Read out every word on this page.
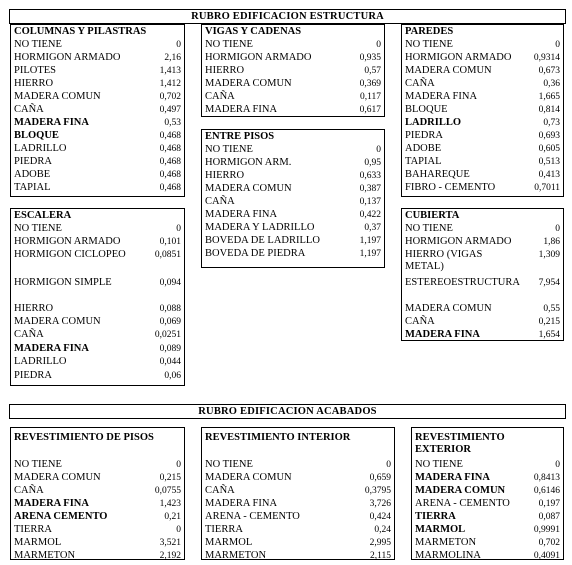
RUBRO EDIFICACION ESTRUCTURA
RUBRO EDIFICACION ACABADOS
COLUMNAS Y PILASTRAS
NO TIENE	0
HORMIGON ARMADO	2,16
PILOTES	1,413
HIERRO	1,412
MADERA COMUN	0,702
CAÑA	0,497
MADERA FINA	0,53
BLOQUE	0,468
LADRILLO	0,468
PIEDRA	0,468
ADOBE	0,468
TAPIAL	0,468
VIGAS Y CADENAS
NO TIENE	0
HORMIGON ARMADO	0,935
HIERRO	0,57
MADERA COMUN	0,369
CAÑA	0,117
MADERA FINA	0,617
PAREDES
NO TIENE	0
HORMIGON ARMADO 0,9314
MADERA COMUN	0,673
CAÑA	0,36
MADERA FINA	1,665
BLOQUE	0,814
LADRILLO	0,73
PIEDRA	0,693
ADOBE	0,605
TAPIAL	0,513
BAHAREQUE	0,413
FIBRO - CEMENTO	0,7011
ENTRE PISOS
NO TIENE	0
HORMIGON ARM.	0,95
HIERRO	0,633
MADERA COMUN	0,387
CAÑA	0,137
MADERA FINA	0,422
MADERA Y LADRILLO	0,37
BOVEDA DE LADRILLO	1,197
BOVEDA DE PIEDRA	1,197
ESCALERA
NO TIENE	0
HORMIGON ARMADO	0,101
HORMIGON CICLOPEO	0,0851
HORMIGON SIMPLE	0,094
HIERRO	0,088
MADERA COMUN	0,069
CAÑA	0,0251
MADERA FINA	0,089
LADRILLO	0,044
PIEDRA	0,06
CUBIERTA
NO TIENE	0
HORMIGON ARMADO	1,86
HIERRO (VIGAS METAL)
1,309
ESTEREOESTRUCTURA 7,954
MADERA COMUN	0,55
CAÑA	0,215
MADERA FINA	1,654
REVESTIMIENTO DE PISOS
NO TIENE	0
MADERA COMUN	0,215
CAÑA	0,0755
MADERA FINA	1,423
ARENA CEMENTO	0,21
TIERRA	0
MARMOL	3,521
MARMETON	2,192
REVESTIMIENTO INTERIOR
NO TIENE	0
MADERA COMUN	0,659
CAÑA	0,3795
MADERA FINA	3,726
ARENA - CEMENTO	0,424
TIERRA	0,24
MARMOL	2,995
MARMETON	2,115
REVESTIMIENTO
EXTERIOR
NO TIENE	0
MADERA FINA	0,8413
MADERA COMUN	0,6146
ARENA - CEMENTO	0,197
TIERRA	0,087
MARMOL	0,9991
MARMETON	0,702
MARMOLINA	0,4091
